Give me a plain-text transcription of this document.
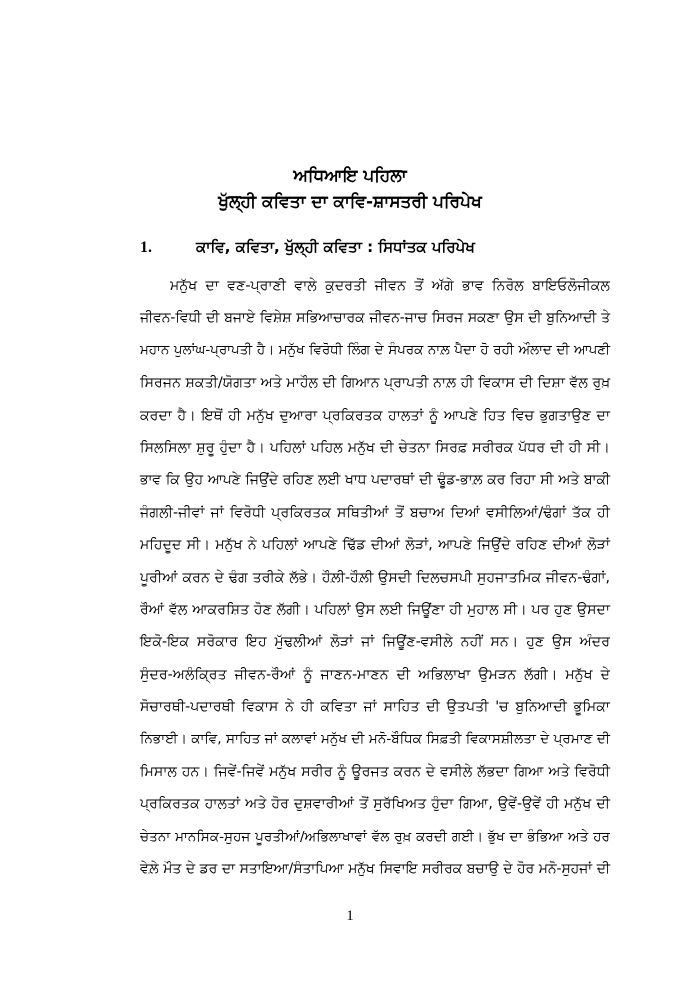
ਅਧਿਆਇ ਪਹਿਲਾ
ਖੁੱਲ੍ਹੀ ਕਵਿਤਾ ਦਾ ਕਾਵਿ-ਸ਼ਾਸਤਰੀ ਪਰਿਪੇਖ
1.	ਕਾਵਿ, ਕਵਿਤਾ, ਖੁੱਲ੍ਹੀ ਕਵਿਤਾ : ਸਿਧਾਂਤਕ ਪਰਿਪੇਖ
ਮਨੁੱਖ ਦਾ ਵਣ-ਪ੍ਰਾਣੀ ਵਾਲੇ ਕੁਦਰਤੀ ਜੀਵਨ ਤੋਂ ਅੱਗੇ ਭਾਵ ਨਿਰੋਲ ਬਾਇਓਲੋਜੀਕਲ
ਜੀਵਨ-ਵਿਧੀ ਦੀ ਬਜਾਏ ਵਿਸ਼ੇਸ਼ ਸਭਿਆਚਾਰਕ ਜੀਵਨ-ਜਾਚ ਸਿਰਜ ਸਕਣਾ ਉਸ ਦੀ ਬੁਨਿਆਦੀ ਤੇ
ਮਹਾਨ ਪੁਲਾਂਘ-ਪ੍ਰਾਪਤੀ ਹੈ। ਮਨੁੱਖ ਵਿਰੋਧੀ ਲਿੰਗ ਦੇ ਸੰਪਰਕ ਨਾਲ਼ ਪੈਦਾ ਹੋ ਰਹੀ ਔਲਾਦ ਦੀ ਆਪਣੀ
ਸਿਰਜਨ ਸ਼ਕਤੀ/ਯੋਗਤਾ ਅਤੇ ਮਾਹੌਲ ਦੀ ਗਿਆਨ ਪ੍ਰਾਪਤੀ ਨਾਲ਼ ਹੀ ਵਿਕਾਸ ਦੀ ਦਿਸ਼ਾ ਵੱਲ ਰੁਖ਼
ਕਰਦਾ ਹੈ। ਇਥੋਂ ਹੀ ਮਨੁੱਖ ਦੁਆਰਾ ਪ੍ਰਕਿਰਤਕ ਹਾਲਤਾਂ ਨੂੰ ਆਪਣੇ ਹਿਤ ਵਿਚ ਭੁਗਤਾਉਣ ਦਾ
ਸਿਲਸਿਲਾ ਸ਼ੁਰੂ ਹੁੰਦਾ ਹੈ। ਪਹਿਲਾਂ ਪਹਿਲ ਮਨੁੱਖ ਦੀ ਚੇਤਨਾ ਸਿਰਫ਼ ਸਰੀਰਕ ਪੱਧਰ ਦੀ ਹੀ ਸੀ।
ਭਾਵ ਕਿ ਉਹ ਆਪਣੇ ਜਿਉਂਦੇ ਰਹਿਣ ਲਈ ਖਾਧ ਪਦਾਰਥਾਂ ਦੀ ਢੂੰਡ-ਭਾਲ਼ ਕਰ ਰਿਹਾ ਸੀ ਅਤੇ ਬਾਕੀ
ਜੰਗਲੀ-ਜੀਵਾਂ ਜਾਂ ਵਿਰੋਧੀ ਪ੍ਰਕਿਰਤਕ ਸਥਿਤੀਆਂ ਤੋਂ ਬਚਾਅ ਦਿਆਂ ਵਸੀਲਿਆਂ/ਢੰਗਾਂ ਤੱਕ ਹੀ
ਮਹਿਦੂਦ ਸੀ। ਮਨੁੱਖ ਨੇ ਪਹਿਲਾਂ ਆਪਣੇ ਢਿੱਡ ਦੀਆਂ ਲੋੜਾਂ, ਆਪਣੇ ਜਿਉਂਦੇ ਰਹਿਣ ਦੀਆਂ ਲੋੜਾਂ
ਪੂਰੀਆਂ ਕਰਨ ਦੇ ਢੰਗ ਤਰੀਕੇ ਲੱਭੇ। ਹੌਲ਼ੀ-ਹੌਲ਼ੀ ਉਸਦੀ ਦਿਲਚਸਪੀ ਸੁਹਜਾਤਮਿਕ ਜੀਵਨ-ਢੰਗਾਂ,
ਰੌਆਂ ਵੱਲ ਆਕਰਸ਼ਿਤ ਹੋਣ ਲੱਗੀ। ਪਹਿਲਾਂ ਉਸ ਲਈ ਜਿਊਂਣਾ ਹੀ ਮੁਹਾਲ ਸੀ। ਪਰ ਹੁਣ ਉਸਦਾ
ਇਕੋ-ਇਕ ਸਰੋਕਾਰ ਇਹ ਮੁੱਢਲੀਆਂ ਲੋੜਾਂ ਜਾਂ ਜਿਊਂਣ-ਵਸੀਲੇ ਨਹੀਂ ਸਨ। ਹੁਣ ਉਸ ਅੰਦਰ
ਸੁੰਦਰ-ਅਲੰਕ੍ਰਿਤ ਜੀਵਨ-ਰੌਆਂ ਨੂੰ ਜਾਣਨ-ਮਾਣਨ ਦੀ ਅਭਿਲਾਖਾ ਉਮੜਨ ਲੱਗੀ। ਮਨੁੱਖ ਦੇ
ਸੋਚਾਰਥੀ-ਪਦਾਰਥੀ ਵਿਕਾਸ ਨੇ ਹੀ ਕਵਿਤਾ ਜਾਂ ਸਾਹਿਤ ਦੀ ਉਤਪਤੀ 'ਚ ਬੁਨਿਆਦੀ ਭੂਮਿਕਾ
ਨਿਭਾਈ। ਕਾਵਿ, ਸਾਹਿਤ ਜਾਂ ਕਲਾਵਾਂ ਮਨੁੱਖ ਦੀ ਮਨੋ-ਬੌਧਿਕ ਸਿਫ਼ਤੀ ਵਿਕਾਸਸ਼ੀਲਤਾ ਦੇ ਪ੍ਰਮਾਣ ਦੀ
ਮਿਸਾਲ ਹਨ। ਜਿਵੇਂ-ਜਿਵੇਂ ਮਨੁੱਖ ਸਰੀਰ ਨੂੰ ਊਰਜਤ ਕਰਨ ਦੇ ਵਸੀਲੇ ਲੱਭਦਾ ਗਿਆ ਅਤੇ ਵਿਰੋਧੀ
ਪ੍ਰਕਿਰਤਕ ਹਾਲਤਾਂ ਅਤੇ ਹੋਰ ਦੁਸ਼ਵਾਰੀਆਂ ਤੋਂ ਸੁਰੱਖਿਅਤ ਹੁੰਦਾ ਗਿਆ, ਉਵੇਂ-ਉਵੇਂ ਹੀ ਮਨੁੱਖ ਦੀ
ਚੇਤਨਾ ਮਾਨਸਿਕ-ਸੁਹਜ ਪੂਰਤੀਆਂ/ਅਭਿਲਾਖਾਵਾਂ ਵੱਲ ਰੁਖ਼ ਕਰਦੀ ਗਈ। ਭੁੱਖ ਦਾ ਭੰਭਿਆ ਅਤੇ ਹਰ
ਵੇਲ਼ੇ ਮੌਤ ਦੇ ਡਰ ਦਾ ਸਤਾਇਆ/ਸੰਤਾਪਿਆ ਮਨੁੱਖ ਸਿਵਾਇ ਸਰੀਰਕ ਬਚਾਉ ਦੇ ਹੋਰ ਮਨੋ-ਸੁਹਜਾਂ ਦੀ
1
